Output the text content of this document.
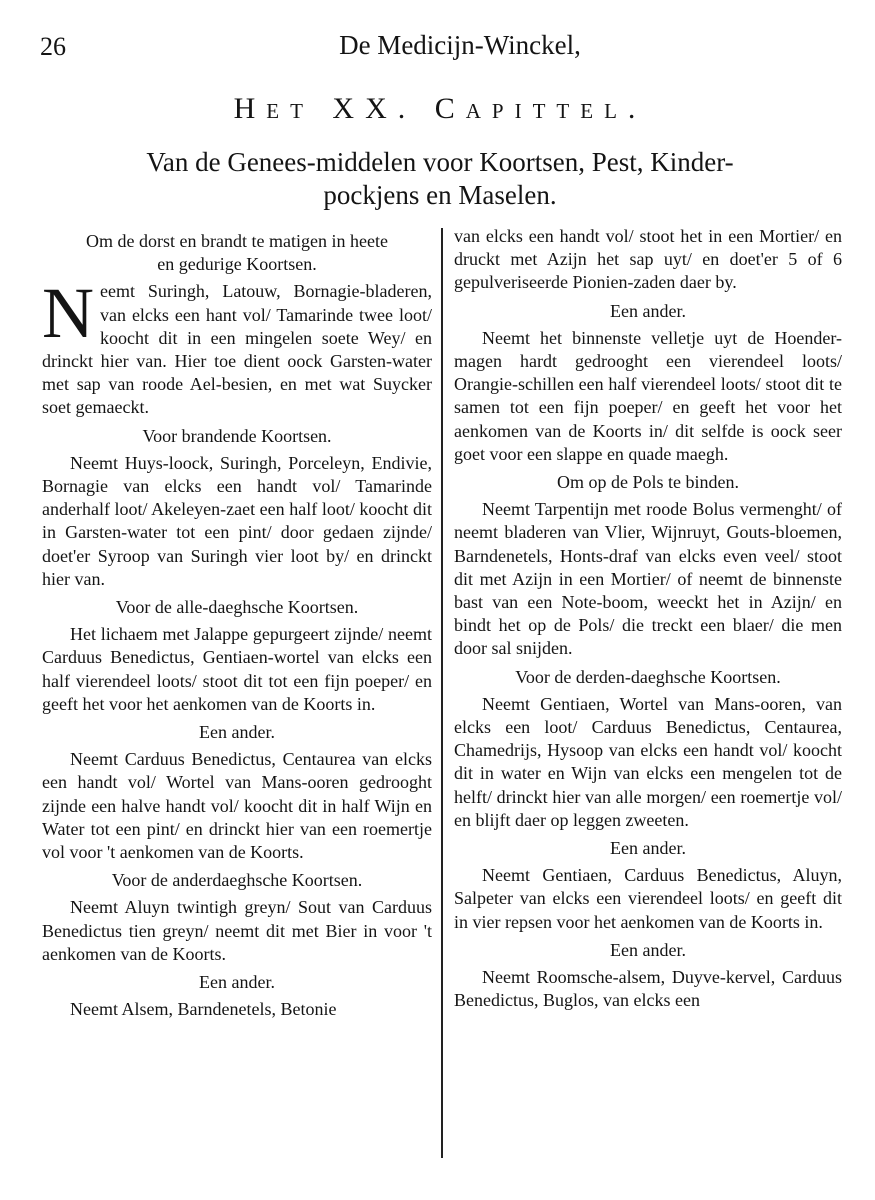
26	De Medicijn-Winckel,
Het XX. Capittel.
Van de Genees-middelen voor Koortsen, Pest, Kinder-
pockjens en Maselen.
Om de dorst en brandt te matigen in heete
en gedurige Koortsen.

Neemt Suringh, Latouw, Bornagie-bladeren, van elcks een hant vol/ Tamarinde twee loot/ koocht dit in een mingelen soete Wey/ en drinckt hier van. Hier toe dient oock Garsten-water met sap van roode Ael-besien, en met wat Suycker soet gemaeckt.

Voor brandende Koortsen.

Neemt Huys-loock, Suringh, Porceleyn, Endivie, Bornagie van elcks een handt vol/ Tamarinde anderhalf loot/ Akeleyen-zaet een half loot/ koocht dit in Garsten-water tot een pint/ door gedaen zijnde/ doet'er Syroop van Suringh vier loot by/ en drinckt hier van.

Voor de alle-daeghsche Koortsen.

Het lichaem met Jalappe gepurgeert zijnde/ neemt Carduus Benedictus, Gentiaen-wortel van elcks een half vierendeel loots/ stoot dit tot een fijn poeper/ en geeft het voor het aenkomen van de Koorts in.

Een ander.

Neemt Carduus Benedictus, Centaurea van elcks een handt vol/ Wortel van Mans-ooren gedrooght zijnde een halve handt vol/ koocht dit in half Wijn en Water tot een pint/ en drinckt hier van een roemertje vol voor 't aenkomen van de Koorts.

Voor de anderdaeghsche Koortsen.

Neemt Aluyn twintigh greyn/ Sout van Carduus Benedictus tien greyn/ neemt dit met Bier in voor 't aenkomen van de Koorts.

Een ander.

Neemt Alsem, Barndenetels, Betonie

van elcks een handt vol/ stoot het in een Mortier/ en druckt met Azijn het sap uyt/ en doet'er 5 of 6 gepulveriseerde Pionien-zaden daer by.

Een ander.

Neemt het binnenste velletje uyt de Hoender-magen hardt gedrooght een vierendeel loots/ Orangie-schillen een half vierendeel loots/ stoot dit te samen tot een fijn poeper/ en geeft het voor het aenkomen van de Koorts in/ dit selfde is oock seer goet voor een slappe en quade maegh.

Om op de Pols te binden.

Neemt Tarpentijn met roode Bolus vermenght/ of neemt bladeren van Vlier, Wijnruyt, Gouts-bloemen, Barndenetels, Honts-draf van elcks even veel/ stoot dit met Azijn in een Mortier/ of neemt de binnenste bast van een Note-boom, weeckt het in Azijn/ en bindt het op de Pols/ die treckt een blaer/ die men door sal snijden.

Voor de derden-daeghsche Koortsen.

Neemt Gentiaen, Wortel van Mans-ooren, van elcks een loot/ Carduus Benedictus, Centaurea, Chamedrijs, Hysoop van elcks een handt vol/ koocht dit in water en Wijn van elcks een mengelen tot de helft/ drinckt hier van alle morgen/ een roemertje vol/ en blijft daer op leggen zweeten.

Een ander.

Neemt Gentiaen, Carduus Benedictus, Aluyn, Salpeter van elcks een vierendeel loots/ en geeft dit in vier repsen voor het aenkomen van de Koorts in.

Een ander.

Neemt Roomsche-alsem, Duyve-kervel, Carduus Benedictus, Buglos, van elcks een
